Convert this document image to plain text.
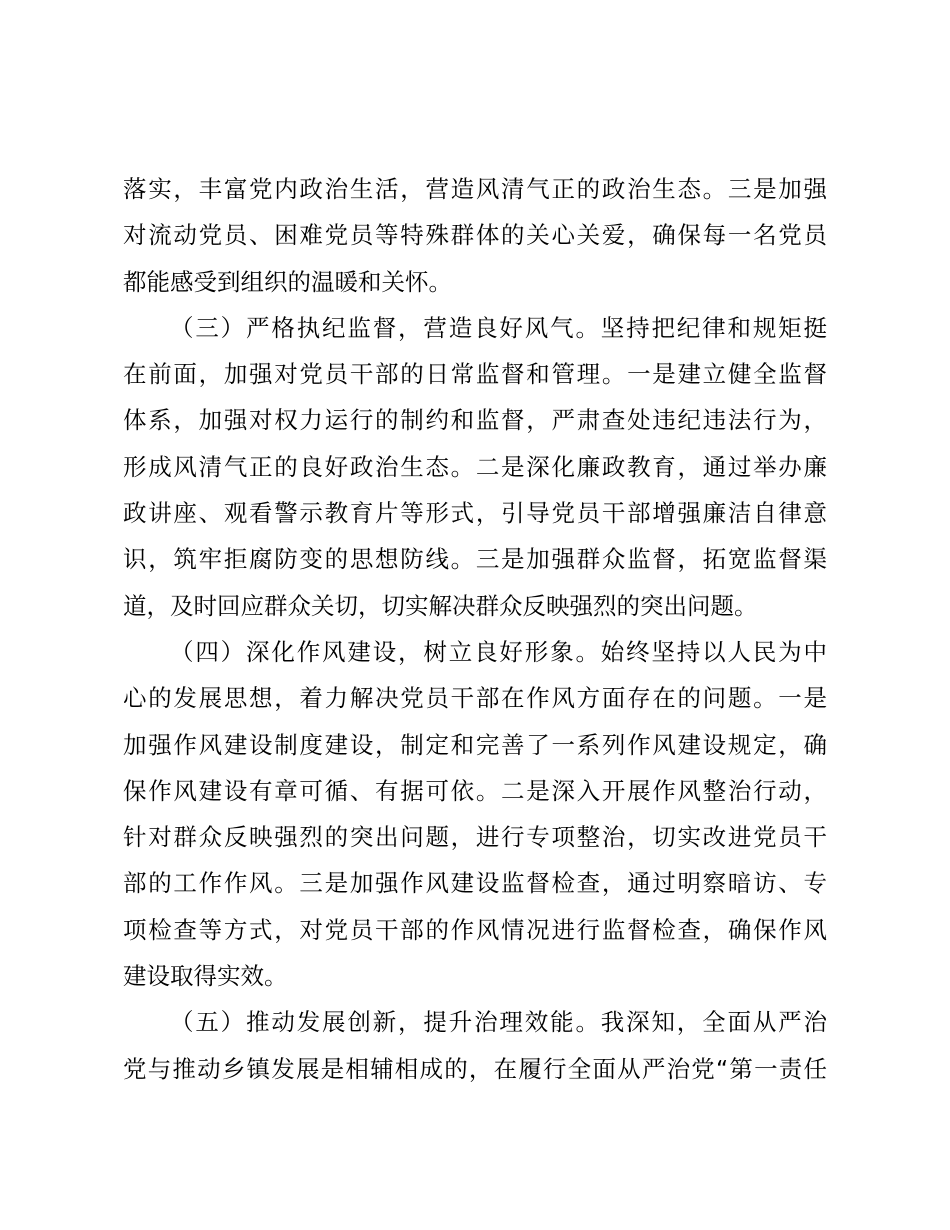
落实，丰富党内政治生活，营造风清气正的政治生态。三是加强
对流动党员、困难党员等特殊群体的关心关爱，确保每一名党员
都能感受到组织的温暖和关怀。
（三）严格执纪监督，营造良好风气。坚持把纪律和规矩挺
在前面，加强对党员干部的日常监督和管理。一是建立健全监督
体系，加强对权力运行的制约和监督，严肃查处违纪违法行为，
形成风清气正的良好政治生态。二是深化廉政教育，通过举办廉
政讲座、观看警示教育片等形式，引导党员干部增强廉洁自律意
识，筑牢拒腐防变的思想防线。三是加强群众监督，拓宽监督渠
道，及时回应群众关切，切实解决群众反映强烈的突出问题。
（四）深化作风建设，树立良好形象。始终坚持以人民为中
心的发展思想，着力解决党员干部在作风方面存在的问题。一是
加强作风建设制度建设，制定和完善了一系列作风建设规定，确
保作风建设有章可循、有据可依。二是深入开展作风整治行动，
针对群众反映强烈的突出问题，进行专项整治，切实改进党员干
部的工作作风。三是加强作风建设监督检查，通过明察暗访、专
项检查等方式，对党员干部的作风情况进行监督检查，确保作风
建设取得实效。
（五）推动发展创新，提升治理效能。我深知，全面从严治
党与推动乡镇发展是相辅相成的，在履行全面从严治党“第一责任
